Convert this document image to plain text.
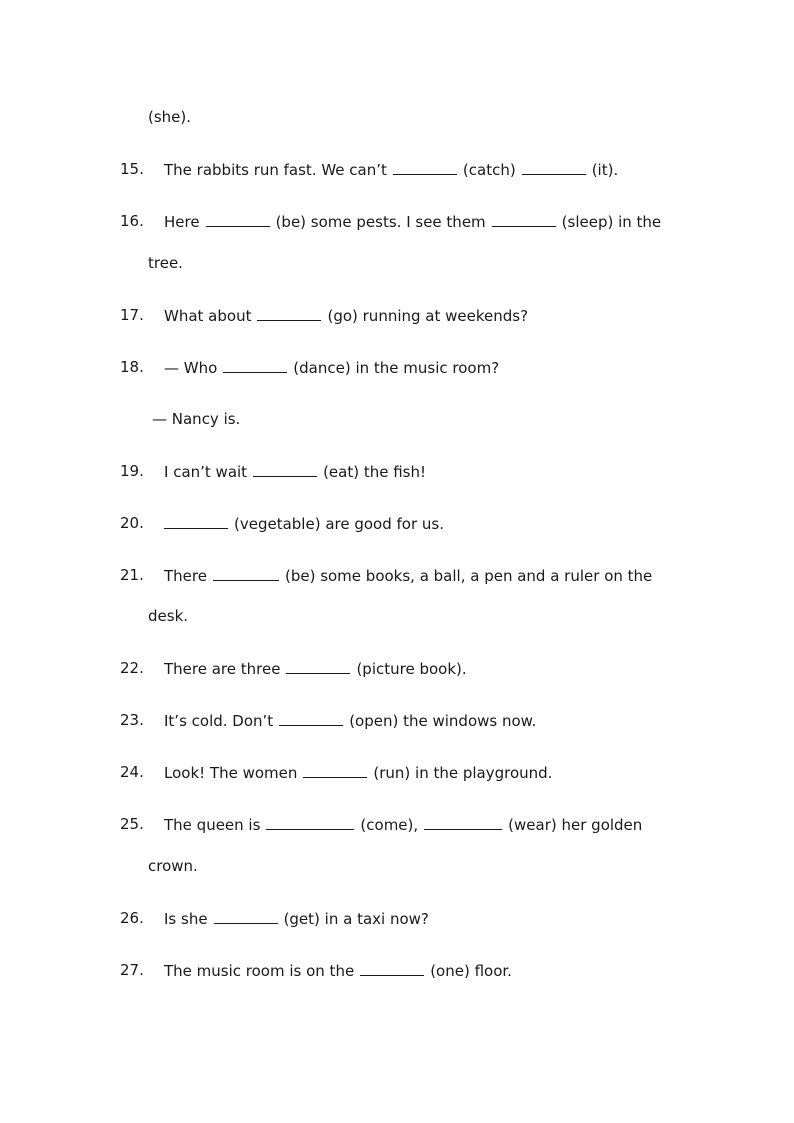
(she).
15. The rabbits run fast. We can’t	(catch)	(it).
16. Here	(be) some pests. I see them	(sleep) in the
tree.
17. What about	(go) running at weekends?
18. — Who	(dance) in the music room?
— Nancy is.
19. I can’t wait	(eat) the fish!
20.	(vegetable) are good for us.
21. There	(be) some books, a ball, a pen and a ruler on the
desk.
22. There are three	(picture book).
23. It’s cold. Don’t	(open) the windows now.
24. Look! The women	(run) in the playground.
25. The queen is	(come),	(wear) her golden
crown.
26. Is she	(get) in a taxi now?
27. The music room is on the	(one) floor.
